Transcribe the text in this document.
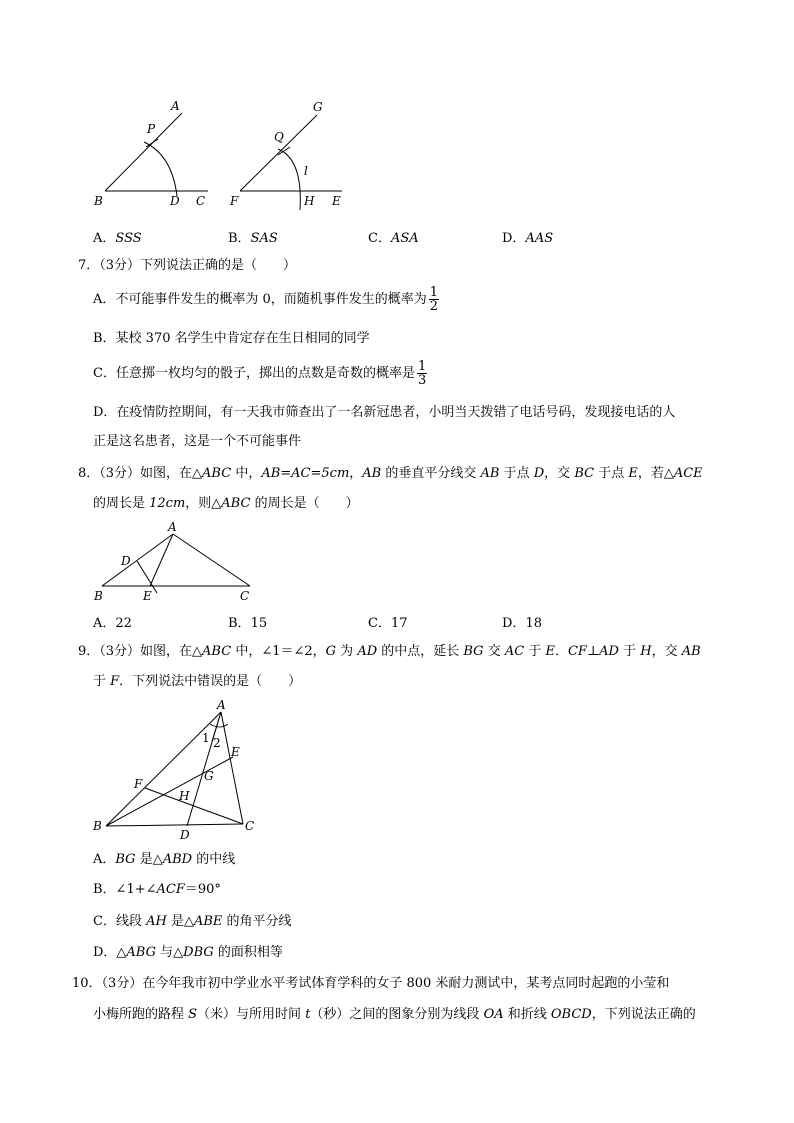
A
P
B	D C
G
Q
l
F	H E
A．SSS	B．SAS	C．ASA	D．AAS
7．（3分）下列说法正确的是（　　）
A．不可能事件发生的概率为 0，而随机事件发生的概率为 $\frac{1}{2}$
B．某校 370 名学生中肯定存在生日相同的同学
C．任意掷一枚均匀的骰子，掷出的点数是奇数的概率是 $\frac{1}{3}$
D．在疫情防控期间，有一天我市筛查出了一名新冠患者，小明当天拨错了电话号码，发现接电话的人
正是这名患者，这是一个不可能事件
8．（3分）如图，在△ABC 中，AB=AC=5cm，AB 的垂直平分线交 AB 于点 D，交 BC 于点 E，若△ACE
的周长是 12cm，则△ABC 的周长是（　　）
A
D
B	E	C
A．22	B．15	C．17	D．18
9．（3分）如图，在△ABC 中，∠1＝∠2，G 为 AD 的中点，延长 BG 交 AC 于 E．CF⊥AD 于 H，交 AB
于 F．下列说法中错误的是（　　）
A
1 2
E
G
F
H
B
D
C
A．BG 是△ABD 的中线
B．∠1+∠ACF＝90°
C．线段 AH 是△ABE 的角平分线
D．△ABG 与△DBG 的面积相等
10．（3分）在今年我市初中学业水平考试体育学科的女子 800 米耐力测试中，某考点同时起跑的小莹和
小梅所跑的路程 S（米）与所用时间 t（秒）之间的图象分别为线段 OA 和折线 OBCD，下列说法正确的
